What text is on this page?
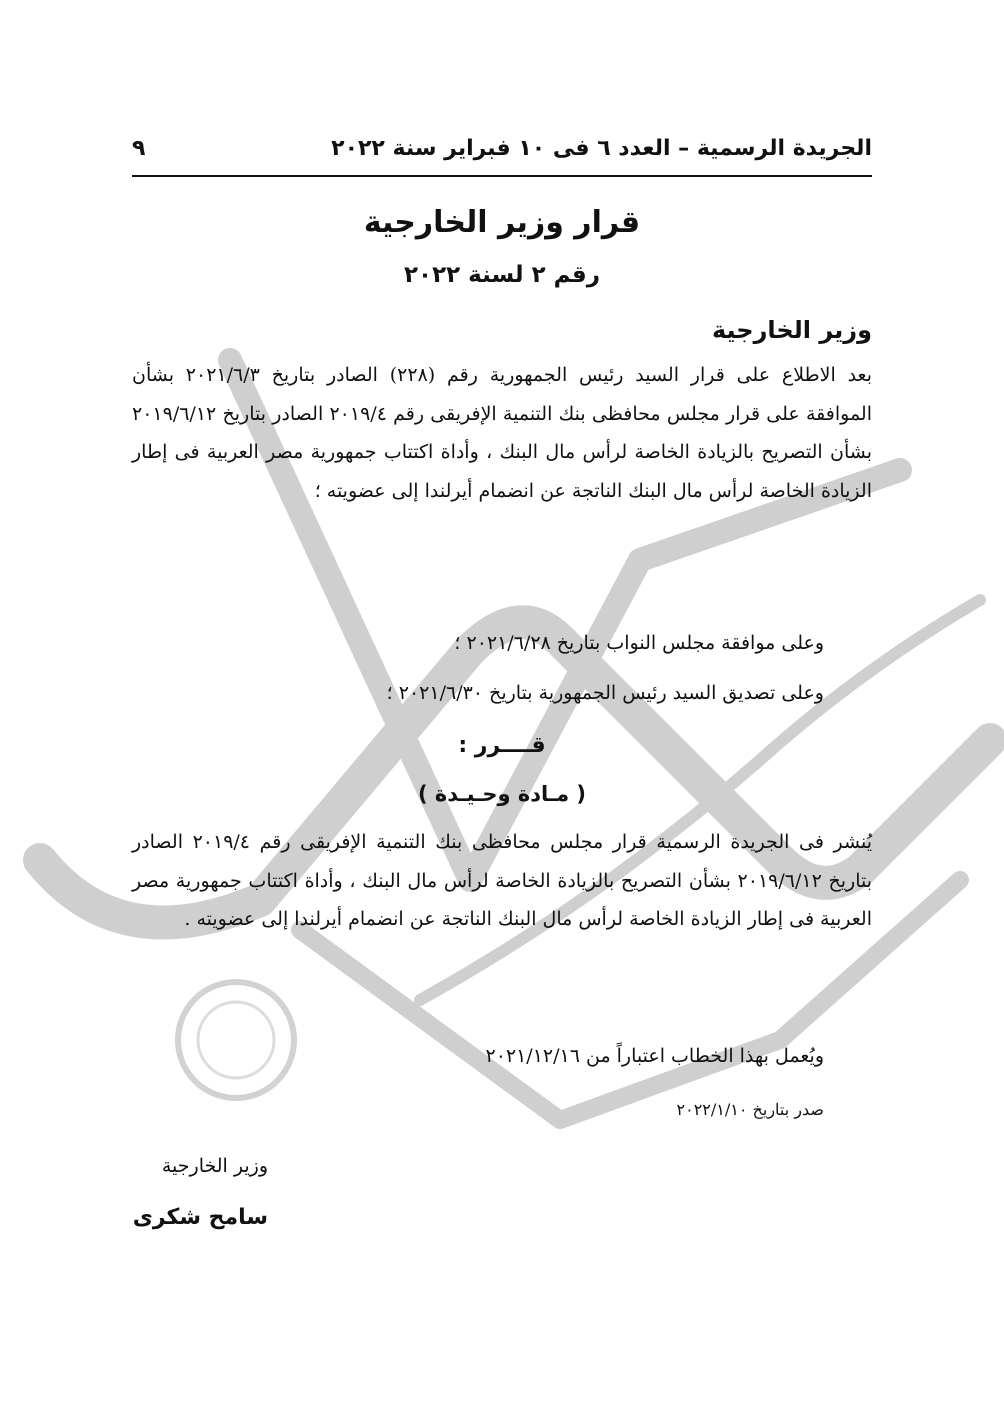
الجريدة الرسمية – العدد ٦ فى ١٠ فبراير سنة ٢٠٢٢
٩
قرار وزير الخارجية
رقم ٢ لسنة ٢٠٢٢
وزير الخارجية

بعد الاطلاع على قرار السيد رئيس الجمهورية رقم (٢٢٨) الصادر بتاريخ ٢٠٢١/٦/٣ بشأن الموافقة على قرار مجلس محافظى بنك التنمية الإفريقى رقم ٢٠١٩/٤ الصادر بتاريخ ٢٠١٩/٦/١٢ بشأن التصريح بالزيادة الخاصة لرأس مال البنك ، وأداة اكتتاب جمهورية مصر العربية فى إطار الزيادة الخاصة لرأس مال البنك الناتجة عن انضمام أيرلندا إلى عضويته ؛

وعلى موافقة مجلس النواب بتاريخ ٢٠٢١/٦/٢٨ ؛
وعلى تصديق السيد رئيس الجمهورية بتاريخ ٢٠٢١/٦/٣٠ ؛
قــــرر :
( مـادة وحـيـدة )

يُنشر فى الجريدة الرسمية قرار مجلس محافظى بنك التنمية الإفريقى رقم ٢٠١٩/٤ الصادر بتاريخ ٢٠١٩/٦/١٢ بشأن التصريح بالزيادة الخاصة لرأس مال البنك ، وأداة اكتتاب جمهورية مصر العربية فى إطار الزيادة الخاصة لرأس مال البنك الناتجة عن انضمام أيرلندا إلى عضويته .

ويُعمل بهذا الخطاب اعتباراً من ٢٠٢١/١٢/١٦
صدر بتاريخ ٢٠٢٢/١/١٠
وزير الخارجية
سامح شكرى
